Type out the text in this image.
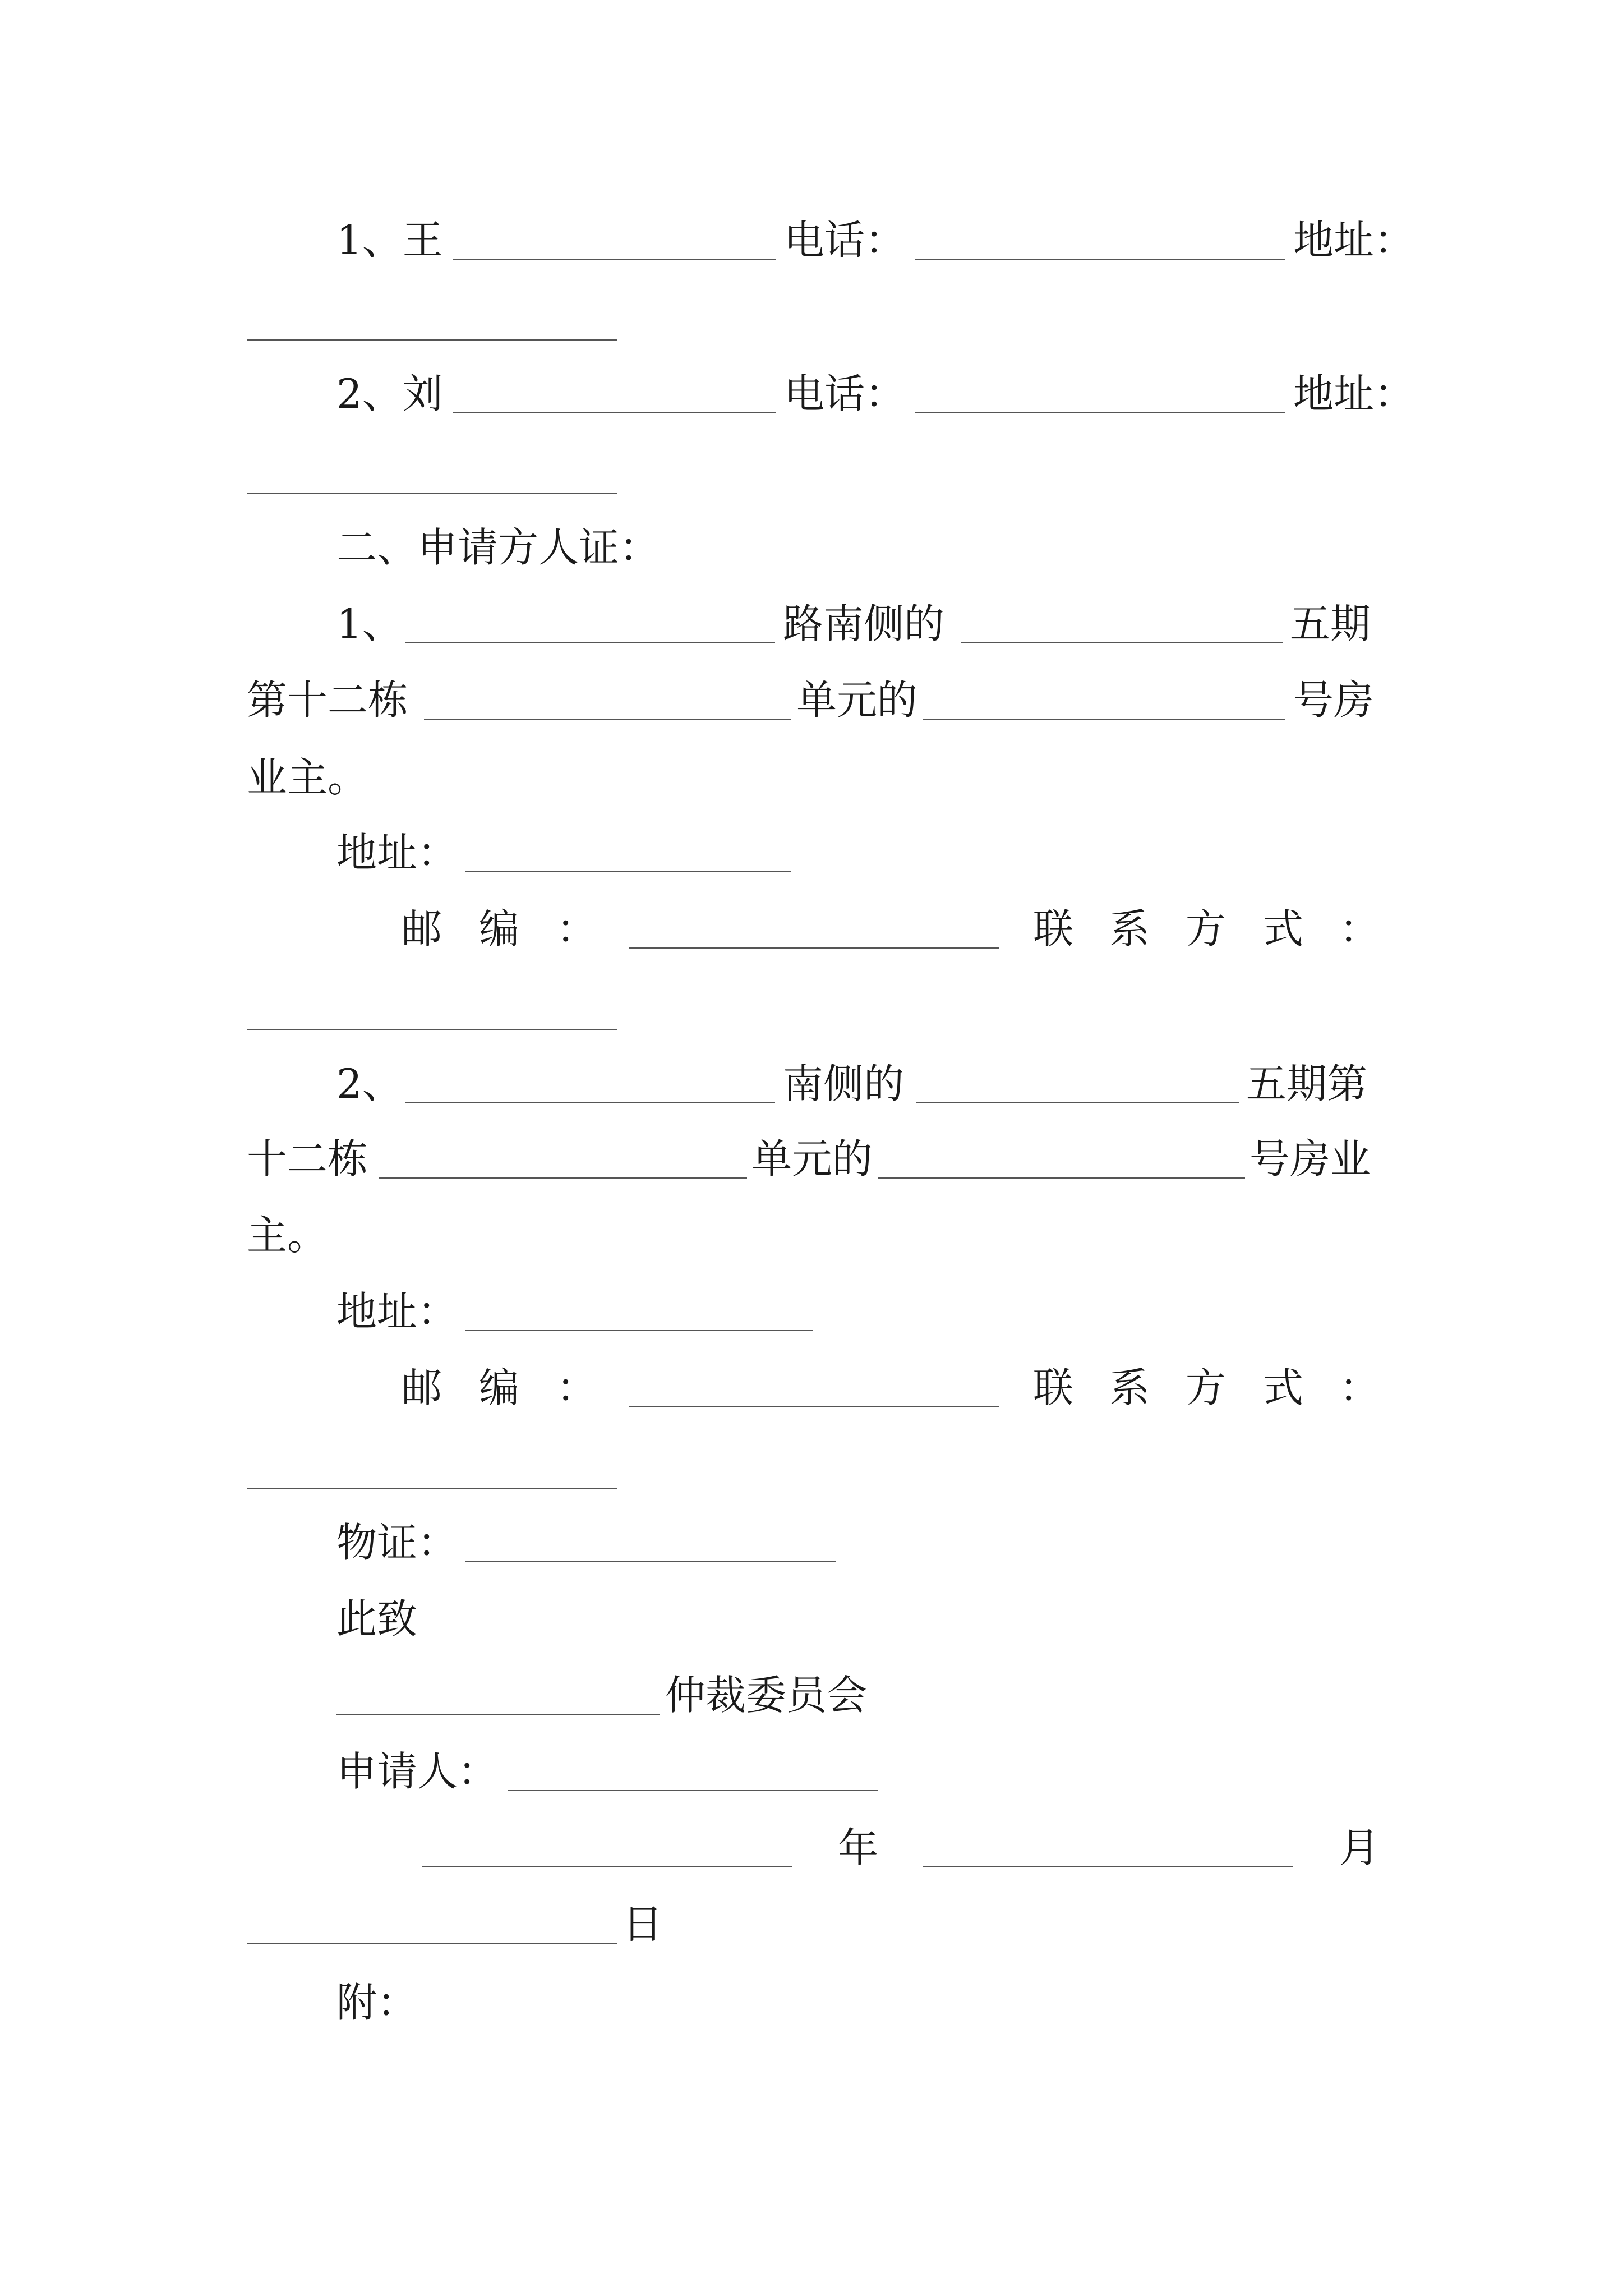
1、王	电话：	地址：
2、刘	电话：	地址：
二、申请方人证：
1、	路南侧的	五期
第十二栋	单元的	号房
业主。
地址：
邮 编 ：	联 系 方 式 ：
2、	南侧的	五期第
十二栋	单元的	号房业
主。
地址：
邮 编 ：	联 系 方 式 ：
物证：
此致
仲裁委员会
申请人：
年	月
日
附：
